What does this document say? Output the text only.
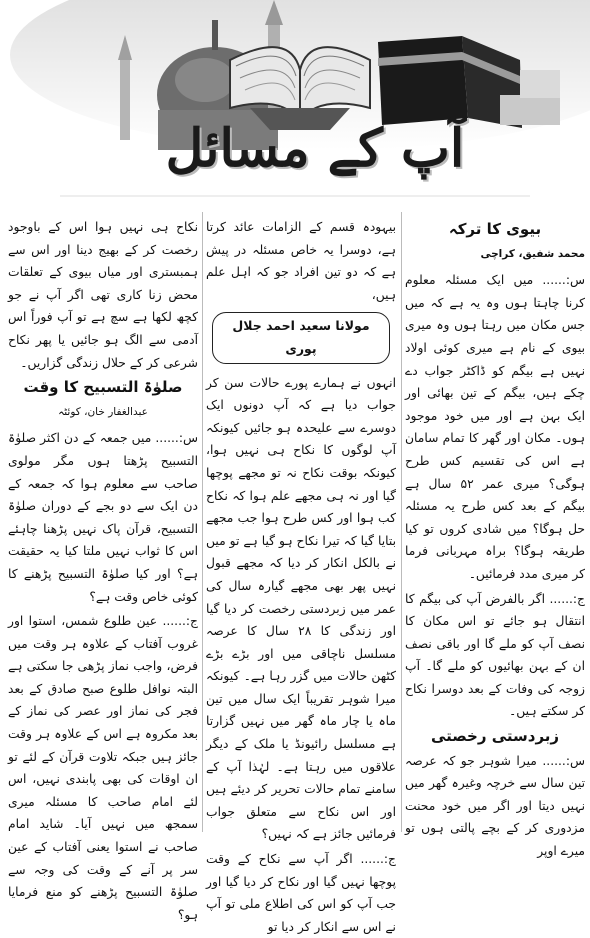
آپ کے مسائل
بیوی کا ترکہ
محمد شفیق، کراچی

س:...... میں ایک مسئلہ معلوم کرنا چاہتا ہوں وہ یہ ہے کہ میں جس مکان میں رہتا ہوں وہ میری بیوی کے نام ہے میری کوئی اولاد نہیں ہے بیگم کو ڈاکٹر جواب دے چکے ہیں، بیگم کے تین بھائی اور ایک بہن ہے اور میں خود موجود ہوں۔ مکان اور گھر کا تمام سامان ہے اس کی تقسیم کس طرح ہوگی؟ میری عمر ۵۲ سال ہے بیگم کے بعد کس طرح یہ مسئلہ حل ہوگا؟ میں شادی کروں تو کیا طریقہ ہوگا؟ براہ مہربانی فرما کر میری مدد فرمائیں۔

ج:...... اگر بالفرض آپ کی بیگم کا انتقال ہو جائے تو اس مکان کا نصف آپ کو ملے گا اور باقی نصف ان کے بہن بھائیوں کو ملے گا۔ آپ زوجہ کی وفات کے بعد دوسرا نکاح کر سکتے ہیں۔

زبردستی رخصتی

س:...... میرا شوہر جو کہ عرصہ تین سال سے خرچہ وغیرہ گھر میں نہیں دیتا اور اگر میں خود محنت مزدوری کر کے بچے پالتی ہوں تو میرے اوپر

بیہودہ قسم کے الزامات عائد کرتا ہے، دوسرا یہ خاص مسئلہ در پیش ہے کہ دو تین افراد جو کہ اہل علم ہیں،

مولانا سعید احمد جلال پوری

انہوں نے ہمارے پورے حالات سن کر جواب دیا ہے کہ آپ دونوں ایک دوسرے سے علیحدہ ہو جائیں کیونکہ آپ لوگوں کا نکاح ہی نہیں ہوا، کیونکہ بوقت نکاح نہ تو مجھے پوچھا گیا اور نہ ہی مجھے علم ہوا کہ نکاح کب ہوا اور کس طرح ہوا جب مجھے بتایا گیا کہ تیرا نکاح ہو گیا ہے تو میں نے بالکل انکار کر دیا کہ مجھے قبول نہیں پھر بھی مجھے گیارہ سال کی عمر میں زبردستی رخصت کر دیا گیا اور زندگی کا ۲۸ سال کا عرصہ مسلسل ناچاقی میں اور بڑے بڑے کٹھن حالات میں گزر رہا ہے۔ کیونکہ میرا شوہر تقریباً ایک سال میں تین ماہ یا چار ماہ گھر میں نہیں گزارتا ہے مسلسل رائیونڈ یا ملک کے دیگر علاقوں میں رہتا ہے۔ لہٰذا آپ کے سامنے تمام حالات تحریر کر دیئے ہیں اور اس نکاح سے متعلق جواب فرمائیں جائز ہے کہ نہیں؟

ج:...... اگر آپ سے نکاح کے وقت پوچھا نہیں گیا اور نکاح کر دیا گیا اور جب آپ کو اس کی اطلاع ملی تو آپ نے اس سے انکار کر دیا تو

نکاح ہی نہیں ہوا اس کے باوجود رخصت کر کے بھیج دینا اور اس سے ہمبستری اور میاں بیوی کے تعلقات محض زنا کاری تھی اگر آپ نے جو کچھ لکھا ہے سچ ہے تو آپ فوراً اس آدمی سے الگ ہو جائیں یا پھر نکاح شرعی کر کے حلال زندگی گزاریں۔

صلوٰۃ التسبیح کا وقت
عبدالغفار خان، کوئٹہ

س:...... میں جمعہ کے دن اکثر صلوٰۃ التسبیح پڑھتا ہوں مگر مولوی صاحب سے معلوم ہوا کہ جمعہ کے دن ایک سے دو بجے کے دوران صلوٰۃ التسبیح، قرآن پاک نہیں پڑھنا چاہئے اس کا ثواب نہیں ملتا کیا یہ حقیقت ہے؟ اور کیا صلوٰۃ التسبیح پڑھنے کا کوئی خاص وقت ہے؟

ج:...... عین طلوع شمس، استوا اور غروب آفتاب کے علاوہ ہر وقت میں فرض، واجب نماز پڑھی جا سکتی ہے البتہ نوافل طلوع صبح صادق کے بعد فجر کی نماز اور عصر کی نماز کے بعد مکروہ ہے اس کے علاوہ ہر وقت جائز ہیں جبکہ تلاوت قرآن کے لئے تو ان اوقات کی بھی پابندی نہیں، اس لئے امام صاحب کا مسئلہ میری سمجھ میں نہیں آیا۔ شاید امام صاحب نے استوا یعنی آفتاب کے عین سر پر آنے کے وقت کی وجہ سے صلوٰۃ التسبیح پڑھنے کو منع فرمایا ہو؟
